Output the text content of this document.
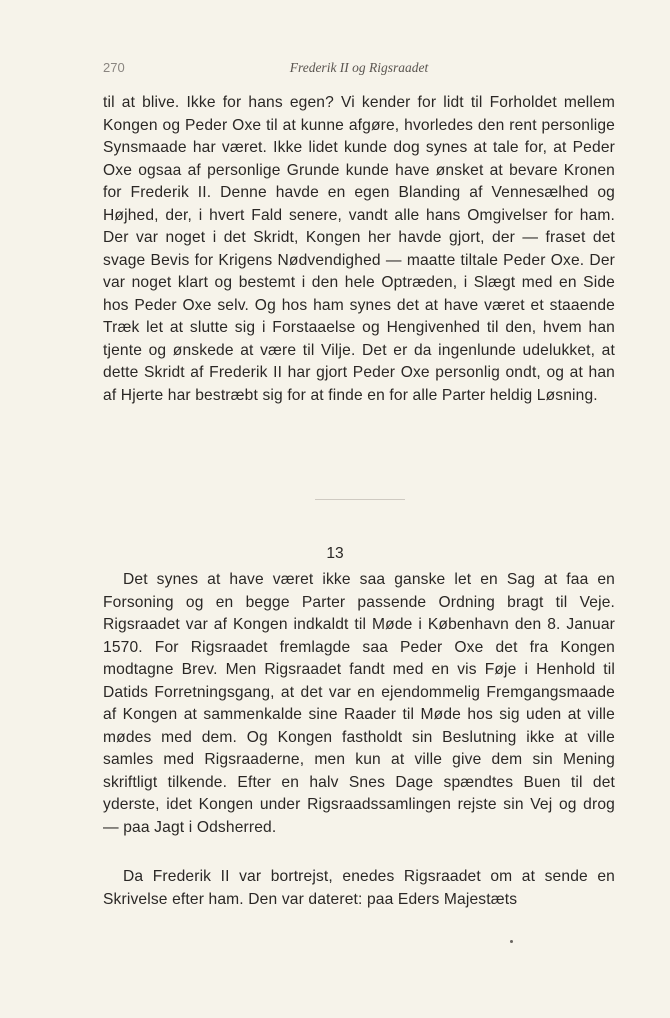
270	Frederik II og Rigsraadet
til at blive. Ikke for hans egen? Vi kender for lidt til Forholdet mellem Kongen og Peder Oxe til at kunne afgøre, hvorledes den rent personlige Synsmaade har været. Ikke lidet kunde dog synes at tale for, at Peder Oxe ogsaa af personlige Grunde kunde have ønsket at bevare Kronen for Frederik II. Denne havde en egen Blanding af Vennesælhed og Højhed, der, i hvert Fald senere, vandt alle hans Omgivelser for ham. Der var noget i det Skridt, Kongen her havde gjort, der — fraset det svage Bevis for Krigens Nødvendighed — maatte tiltale Peder Oxe. Der var noget klart og bestemt i den hele Optræden, i Slægt med en Side hos Peder Oxe selv. Og hos ham synes det at have været et staaende Træk let at slutte sig i Forstaaelse og Hengivenhed til den, hvem han tjente og ønskede at være til Vilje. Det er da ingenlunde udelukket, at dette Skridt af Frederik II har gjort Peder Oxe personlig ondt, og at han af Hjerte har bestræbt sig for at finde en for alle Parter heldig Løsning.
13
Det synes at have været ikke saa ganske let en Sag at faa en Forsoning og en begge Parter passende Ordning bragt til Veje. Rigsraadet var af Kongen indkaldt til Møde i København den 8. Januar 1570. For Rigsraadet fremlagde saa Peder Oxe det fra Kongen modtagne Brev. Men Rigsraadet fandt med en vis Føje i Henhold til Datids Forretningsgang, at det var en ejendommelig Fremgangsmaade af Kongen at sammenkalde sine Raader til Møde hos sig uden at ville mødes med dem. Og Kongen fastholdt sin Beslutning ikke at ville samles med Rigsraaderne, men kun at ville give dem sin Mening skriftligt tilkende. Efter en halv Snes Dage spændtes Buen til det yderste, idet Kongen under Rigsraadssamlingen rejste sin Vej og drog — paa Jagt i Odsherred.
Da Frederik II var bortrejst, enedes Rigsraadet om at sende en Skrivelse efter ham. Den var dateret: paa Eders Majestæts
